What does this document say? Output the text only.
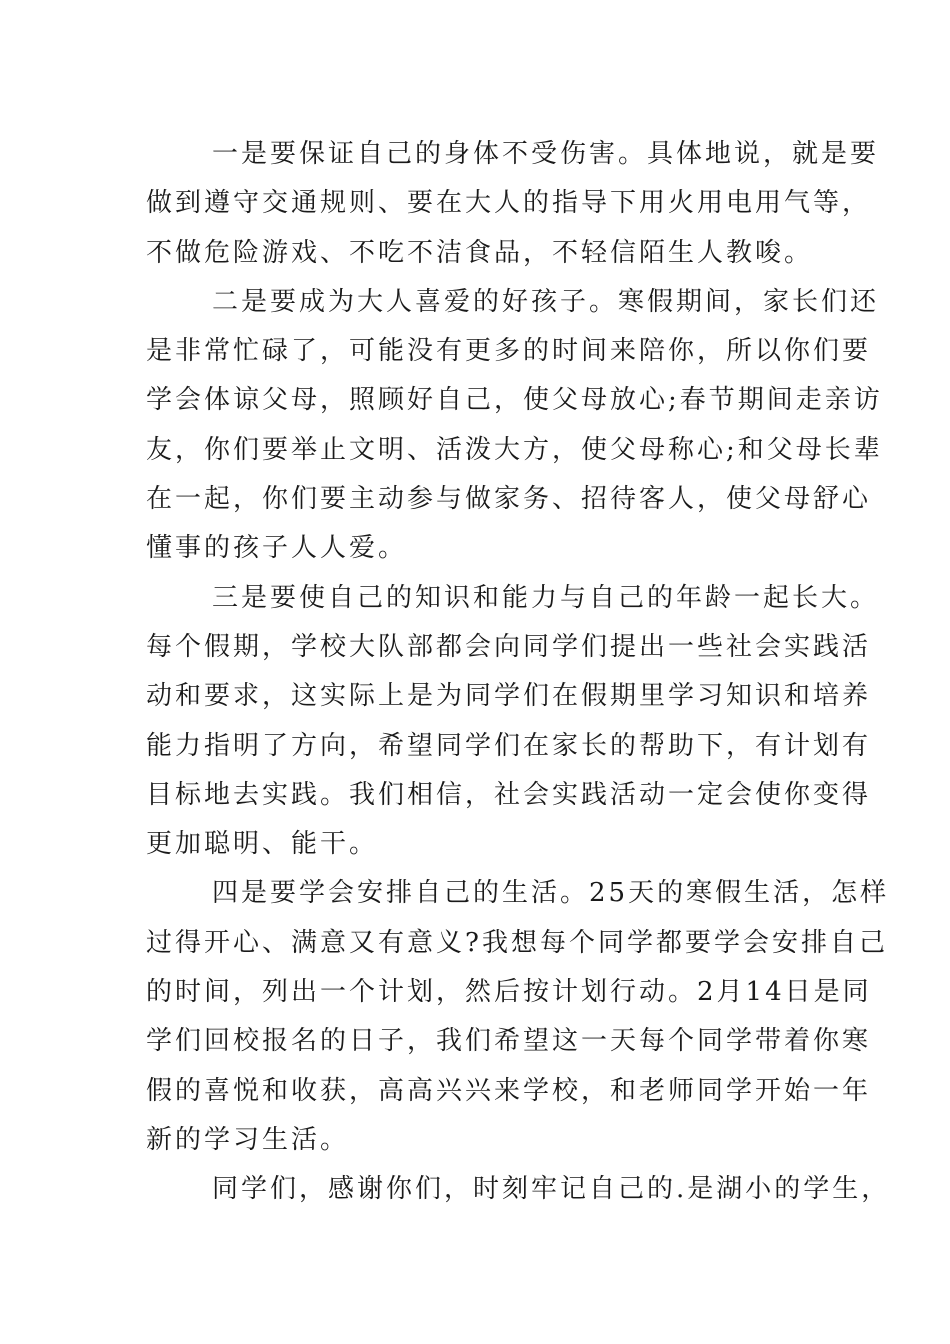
一是要保证自己的身体不受伤害。具体地说，就是要
做到遵守交通规则、要在大人的指导下用火用电用气等，
不做危险游戏、不吃不洁食品，不轻信陌生人教唆。
二是要成为大人喜爱的好孩子。寒假期间，家长们还
是非常忙碌了，可能没有更多的时间来陪你，所以你们要
学会体谅父母，照顾好自己，使父母放心;春节期间走亲访
友，你们要举止文明、活泼大方，使父母称心;和父母长辈
在一起，你们要主动参与做家务、招待客人，使父母舒心
懂事的孩子人人爱。
三是要使自己的知识和能力与自己的年龄一起长大。
每个假期，学校大队部都会向同学们提出一些社会实践活
动和要求，这实际上是为同学们在假期里学习知识和培养
能力指明了方向，希望同学们在家长的帮助下，有计划有
目标地去实践。我们相信，社会实践活动一定会使你变得
更加聪明、能干。
四是要学会安排自己的生活。25天的寒假生活，怎样
过得开心、满意又有意义?我想每个同学都要学会安排自己
的时间，列出一个计划，然后按计划行动。2月14日是同
学们回校报名的日子，我们希望这一天每个同学带着你寒
假的喜悦和收获，高高兴兴来学校，和老师同学开始一年
新的学习生活。
同学们，感谢你们，时刻牢记自己的.是湖小的学生，
